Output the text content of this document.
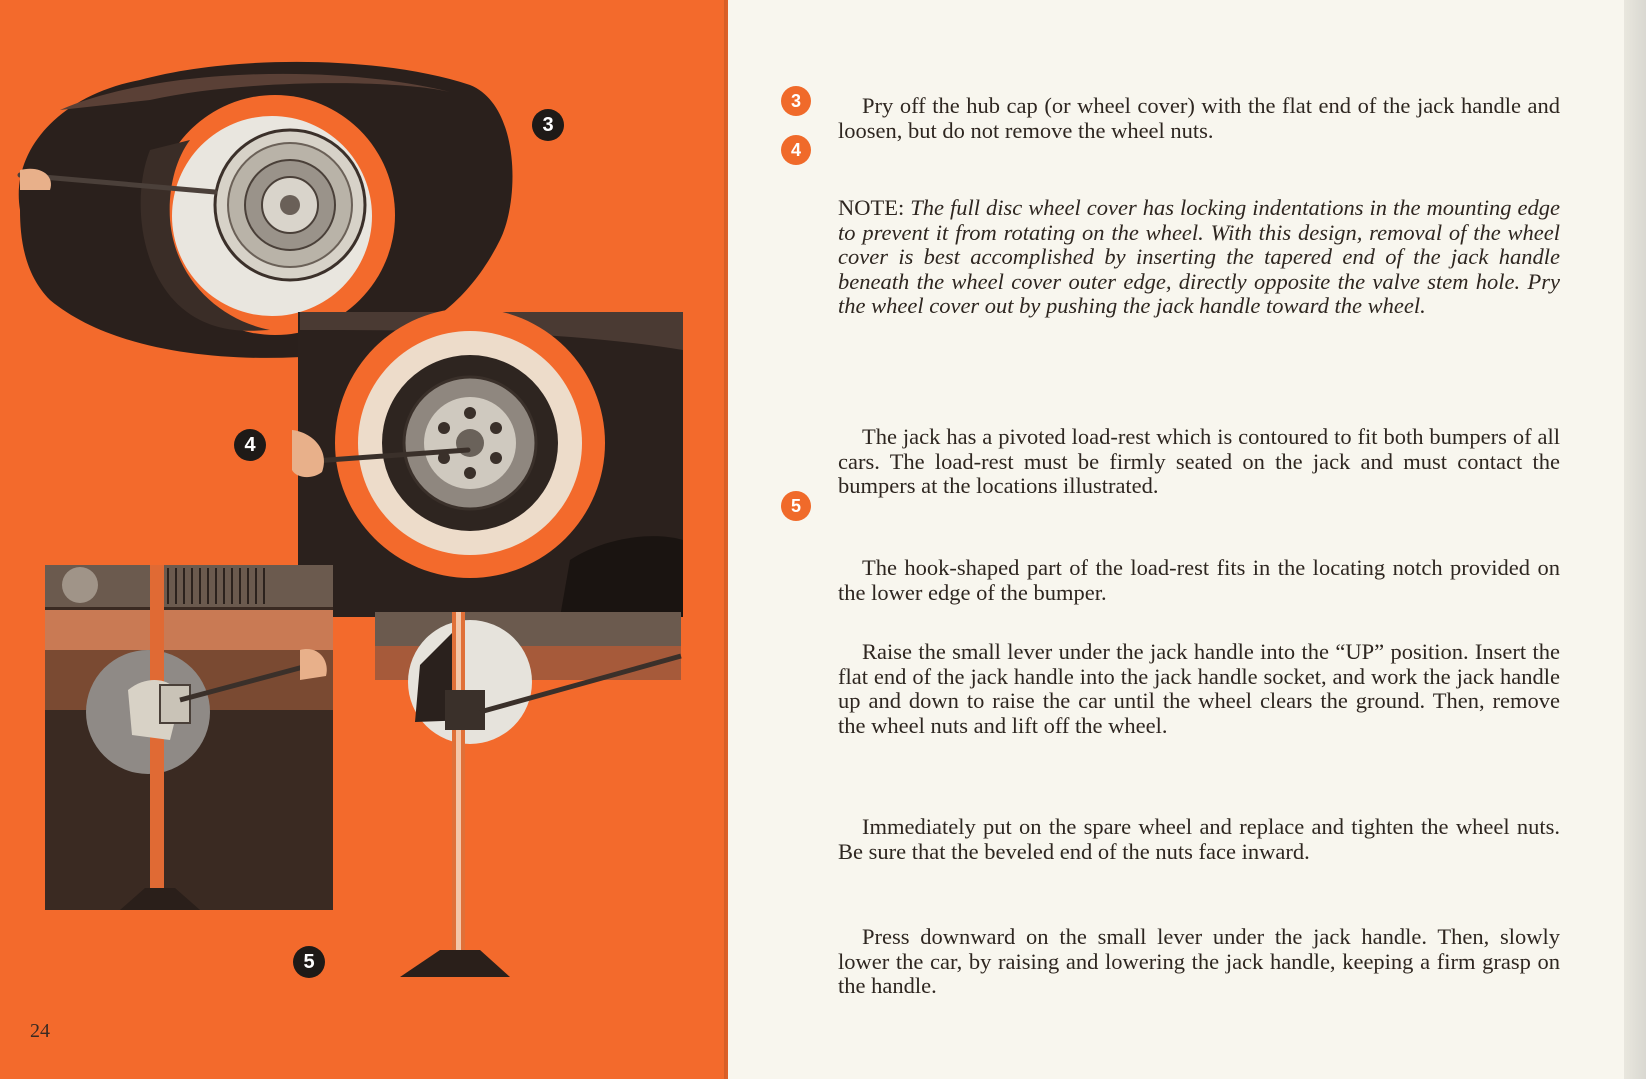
3
4
5
24
3
4
5

Pry off the hub cap (or wheel cover) with the flat end of the jack handle and loosen, but do not remove the wheel nuts.

NOTE: The full disc wheel cover has locking indentations in the mounting edge to prevent it from rotating on the wheel. With this design, removal of the wheel cover is best accomplished by inserting the tapered end of the jack handle beneath the wheel cover outer edge, directly opposite the valve stem hole. Pry the wheel cover out by pushing the jack handle toward the wheel.

The jack has a pivoted load-rest which is contoured to fit both bumpers of all cars. The load-rest must be firmly seated on the jack and must contact the bumpers at the locations illustrated.

The hook-shaped part of the load-rest fits in the locating notch provided on the lower edge of the bumper.

Raise the small lever under the jack handle into the “UP” position. Insert the flat end of the jack handle into the jack handle socket, and work the jack handle up and down to raise the car until the wheel clears the ground. Then, remove the wheel nuts and lift off the wheel.

Immediately put on the spare wheel and replace and tighten the wheel nuts. Be sure that the beveled end of the nuts face inward.

Press downward on the small lever under the jack handle. Then, slowly lower the car, by raising and lowering the jack handle, keeping a firm grasp on the handle.
